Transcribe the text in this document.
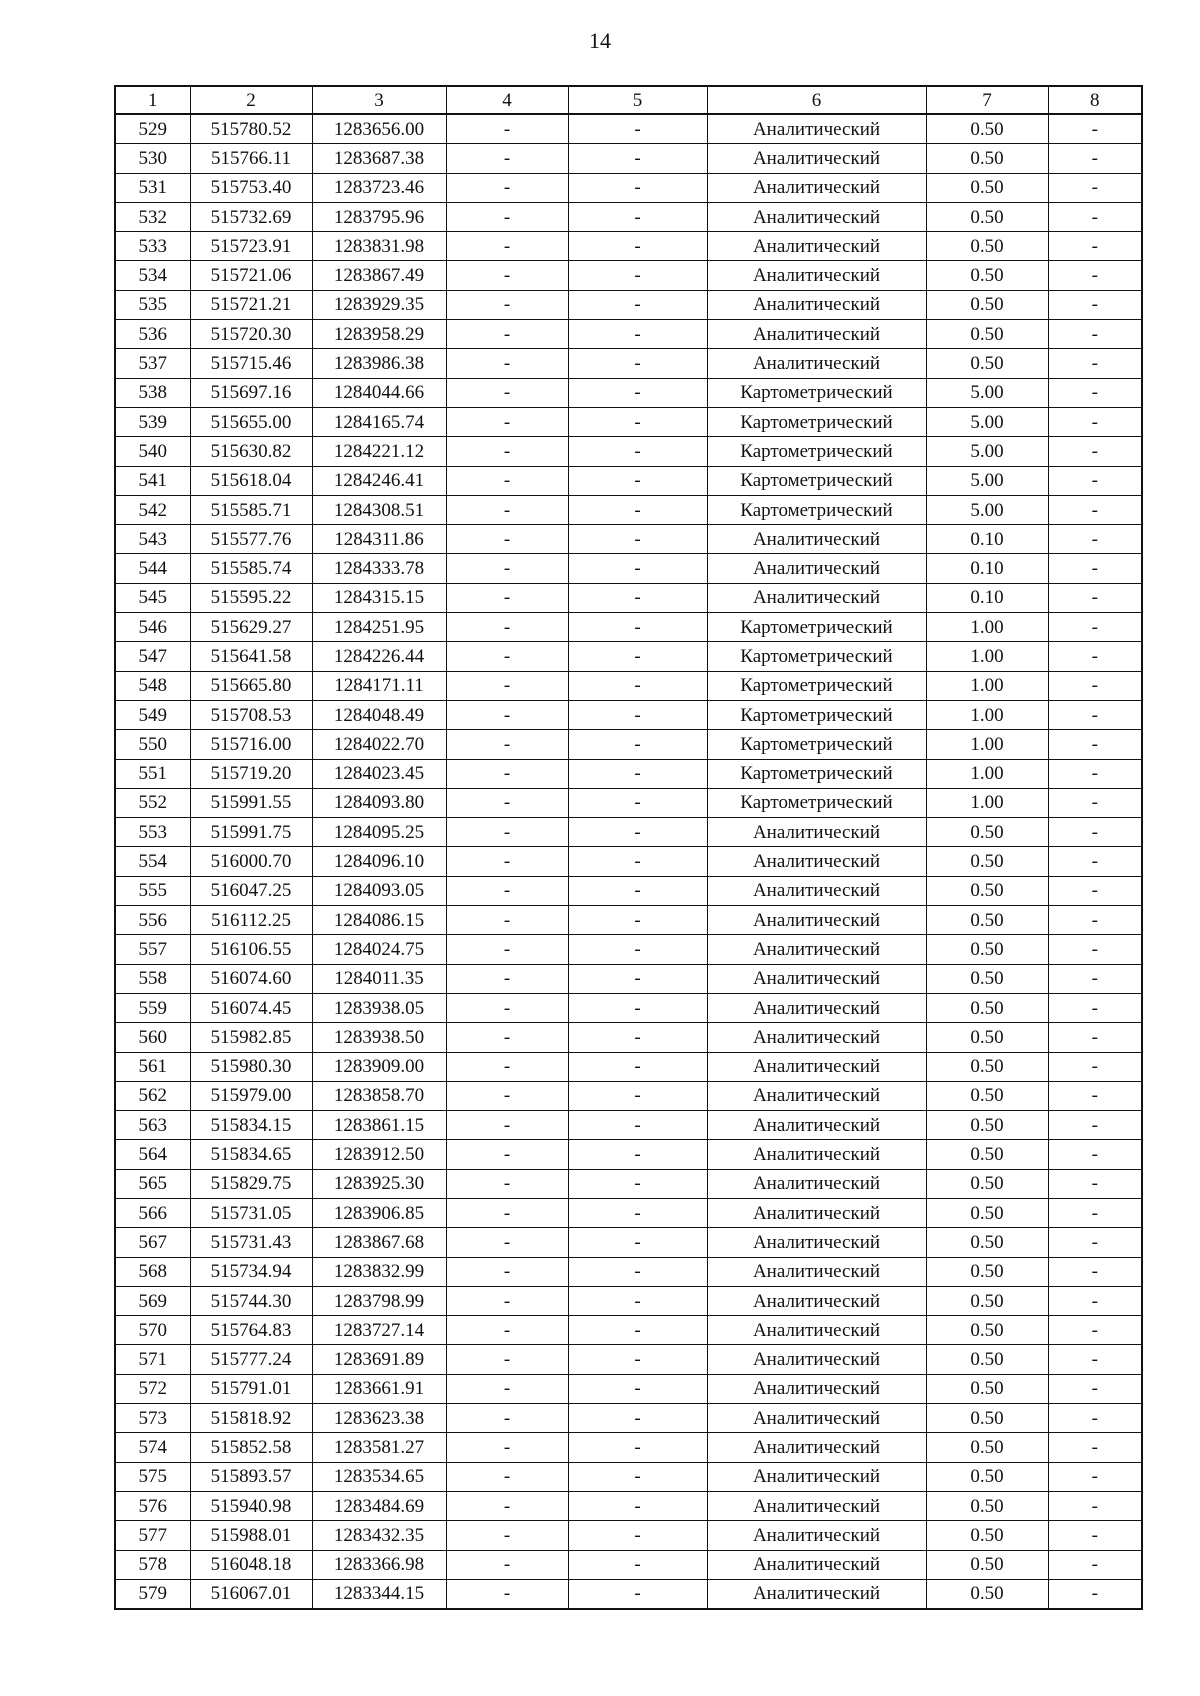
14
1	2	3	4	5	6	7	8
529	515780.52	1283656.00	-	-	Аналитический	0.50	-
530	515766.11	1283687.38	-	-	Аналитический	0.50	-
531	515753.40	1283723.46	-	-	Аналитический	0.50	-
532	515732.69	1283795.96	-	-	Аналитический	0.50	-
533	515723.91	1283831.98	-	-	Аналитический	0.50	-
534	515721.06	1283867.49	-	-	Аналитический	0.50	-
535	515721.21	1283929.35	-	-	Аналитический	0.50	-
536	515720.30	1283958.29	-	-	Аналитический	0.50	-
537	515715.46	1283986.38	-	-	Аналитический	0.50	-
538	515697.16	1284044.66	-	-	Картометрический	5.00	-
539	515655.00	1284165.74	-	-	Картометрический	5.00	-
540	515630.82	1284221.12	-	-	Картометрический	5.00	-
541	515618.04	1284246.41	-	-	Картометрический	5.00	-
542	515585.71	1284308.51	-	-	Картометрический	5.00	-
543	515577.76	1284311.86	-	-	Аналитический	0.10	-
544	515585.74	1284333.78	-	-	Аналитический	0.10	-
545	515595.22	1284315.15	-	-	Аналитический	0.10	-
546	515629.27	1284251.95	-	-	Картометрический	1.00	-
547	515641.58	1284226.44	-	-	Картометрический	1.00	-
548	515665.80	1284171.11	-	-	Картометрический	1.00	-
549	515708.53	1284048.49	-	-	Картометрический	1.00	-
550	515716.00	1284022.70	-	-	Картометрический	1.00	-
551	515719.20	1284023.45	-	-	Картометрический	1.00	-
552	515991.55	1284093.80	-	-	Картометрический	1.00	-
553	515991.75	1284095.25	-	-	Аналитический	0.50	-
554	516000.70	1284096.10	-	-	Аналитический	0.50	-
555	516047.25	1284093.05	-	-	Аналитический	0.50	-
556	516112.25	1284086.15	-	-	Аналитический	0.50	-
557	516106.55	1284024.75	-	-	Аналитический	0.50	-
558	516074.60	1284011.35	-	-	Аналитический	0.50	-
559	516074.45	1283938.05	-	-	Аналитический	0.50	-
560	515982.85	1283938.50	-	-	Аналитический	0.50	-
561	515980.30	1283909.00	-	-	Аналитический	0.50	-
562	515979.00	1283858.70	-	-	Аналитический	0.50	-
563	515834.15	1283861.15	-	-	Аналитический	0.50	-
564	515834.65	1283912.50	-	-	Аналитический	0.50	-
565	515829.75	1283925.30	-	-	Аналитический	0.50	-
566	515731.05	1283906.85	-	-	Аналитический	0.50	-
567	515731.43	1283867.68	-	-	Аналитический	0.50	-
568	515734.94	1283832.99	-	-	Аналитический	0.50	-
569	515744.30	1283798.99	-	-	Аналитический	0.50	-
570	515764.83	1283727.14	-	-	Аналитический	0.50	-
571	515777.24	1283691.89	-	-	Аналитический	0.50	-
572	515791.01	1283661.91	-	-	Аналитический	0.50	-
573	515818.92	1283623.38	-	-	Аналитический	0.50	-
574	515852.58	1283581.27	-	-	Аналитический	0.50	-
575	515893.57	1283534.65	-	-	Аналитический	0.50	-
576	515940.98	1283484.69	-	-	Аналитический	0.50	-
577	515988.01	1283432.35	-	-	Аналитический	0.50	-
578	516048.18	1283366.98	-	-	Аналитический	0.50	-
579	516067.01	1283344.15	-	-	Аналитический	0.50	-
